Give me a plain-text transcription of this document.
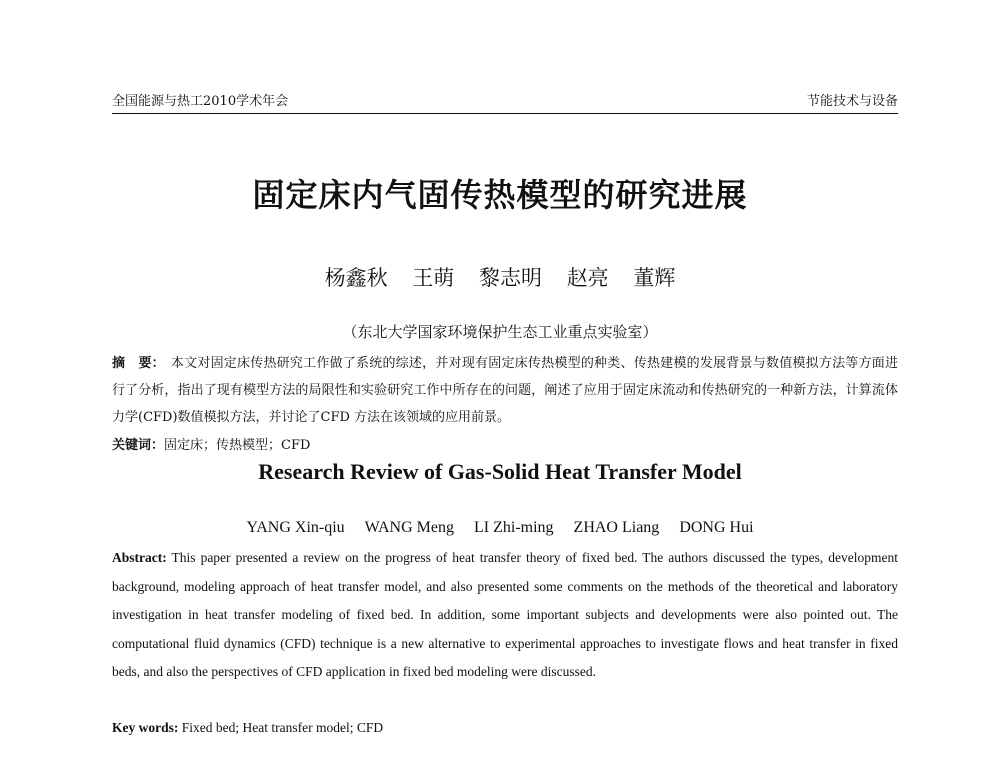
全国能源与热工2010学术年会	节能技术与设备
固定床内气固传热模型的研究进展
杨鑫秋 王萌 黎志明 赵亮 董辉
（东北大学国家环境保护生态工业重点实验室）
摘　要： 本文对固定床传热研究工作做了系统的综述，并对现有固定床传热模型的种类、传热建模的发展背景与数值模拟方法等方面进行了分析，指出了现有模型方法的局限性和实验研究工作中所存在的问题，阐述了应用于固定床流动和传热研究的一种新方法，计算流体力学(CFD)数值模拟方法，并讨论了CFD 方法在该领域的应用前景。
关键词：固定床；传热模型；CFD
Research Review of Gas-Solid Heat Transfer Model
YANG Xin-qiu WANG Meng LI Zhi-ming ZHAO Liang DONG Hui
Abstract: This paper presented a review on the progress of heat transfer theory of fixed bed. The authors discussed the types, development background, modeling approach of heat transfer model, and also presented some comments on the methods of the theoretical and laboratory investigation in heat transfer modeling of fixed bed. In addition, some important subjects and developments were also pointed out. The computational fluid dynamics (CFD) technique is a new alternative to experimental approaches to investigate flows and heat transfer in fixed beds, and also the perspectives of CFD application in fixed bed modeling were discussed.
Key words: Fixed bed; Heat transfer model; CFD
